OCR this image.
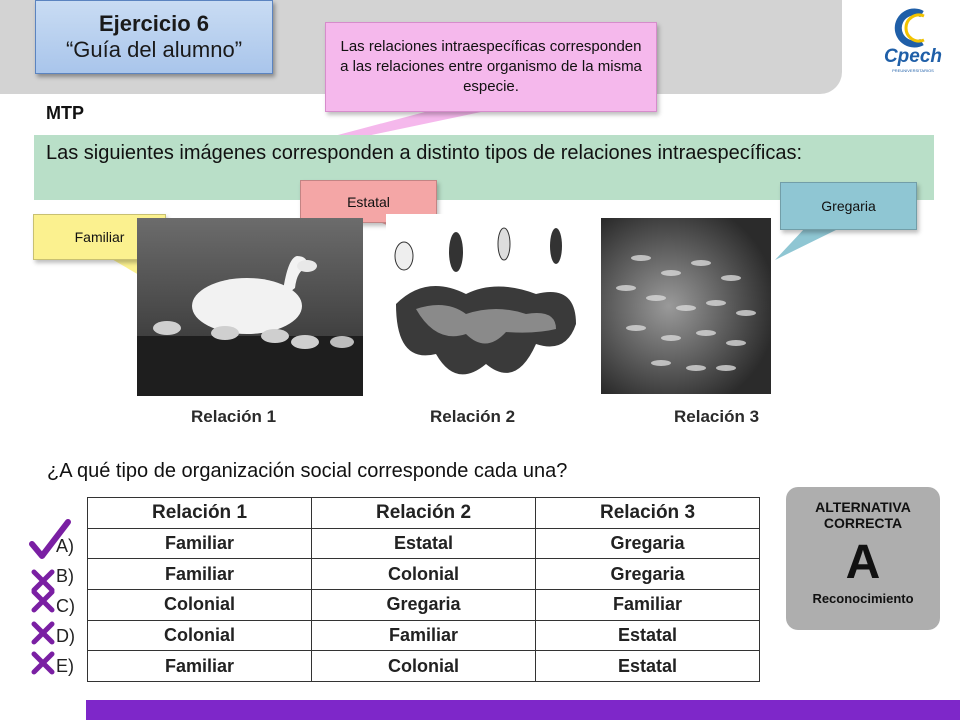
Ejercicio 6
“Guía del alumno”	Cpech
PREUNIVERSITARIOS
Las relaciones intraespecíficas corresponden a las relaciones entre organismo de la misma especie.
MTP
Las siguientes imágenes corresponden a distinto tipos de relaciones intraespecíficas:
Familiar
Estatal	Gregaria
Relación 1	Relación 2	Relación 3
¿A qué tipo de organización social corresponde cada una?
A)
B)
C)
D)
E)
Relación 1	Relación 2	Relación 3
Familiar	Estatal	Gregaria
Familiar	Colonial	Gregaria
Colonial	Gregaria	Familiar
Colonial	Familiar	Estatal
Familiar	Colonial	Estatal
ALTERNATIVA CORRECTA
A
Reconocimiento
